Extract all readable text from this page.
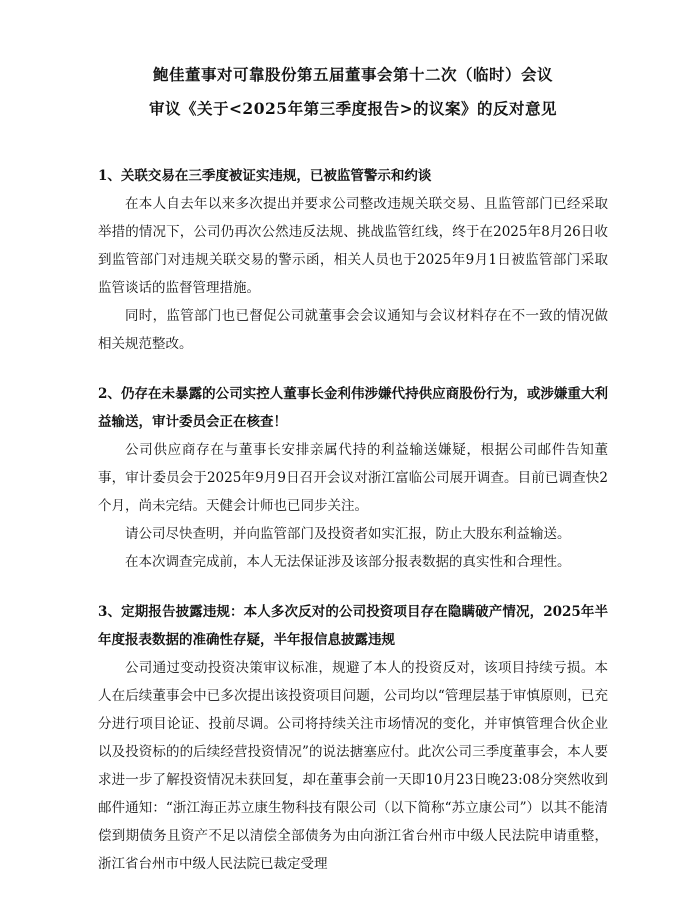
鲍佳董事对可靠股份第五届董事会第十二次（临时）会议

审议《关于<2025年第三季度报告>的议案》的反对意见

1、关联交易在三季度被证实违规，已被监管警示和约谈

在本人自去年以来多次提出并要求公司整改违规关联交易、且监管部门已经采取举措的情况下，公司仍再次公然违反法规、挑战监管红线，终于在2025年8月26日收到监管部门对违规关联交易的警示函，相关人员也于2025年9月1日被监管部门采取监管谈话的监督管理措施。

同时，监管部门也已督促公司就董事会会议通知与会议材料存在不一致的情况做相关规范整改。

2、仍存在未暴露的公司实控人董事长金利伟涉嫌代持供应商股份行为，或涉嫌重大利益输送，审计委员会正在核查！

公司供应商存在与董事长安排亲属代持的利益输送嫌疑，根据公司邮件告知董事，审计委员会于2025年9月9日召开会议对浙江富临公司展开调查。目前已调查快2个月，尚未完结。天健会计师也已同步关注。

请公司尽快查明，并向监管部门及投资者如实汇报，防止大股东利益输送。

在本次调查完成前，本人无法保证涉及该部分报表数据的真实性和合理性。

3、定期报告披露违规：本人多次反对的公司投资项目存在隐瞒破产情况，2025年半年度报表数据的准确性存疑，半年报信息披露违规

公司通过变动投资决策审议标准，规避了本人的投资反对，该项目持续亏损。本人在后续董事会中已多次提出该投资项目问题，公司均以“管理层基于审慎原则，已充分进行项目论证、投前尽调。公司将持续关注市场情况的变化，并审慎管理合伙企业以及投资标的的后续经营投资情况”的说法搪塞应付。此次公司三季度董事会，本人要求进一步了解投资情况未获回复，却在董事会前一天即10月23日晚23:08分突然收到邮件通知：“浙江海正苏立康生物科技有限公司（以下简称“苏立康公司”）以其不能清偿到期债务且资产不足以清偿全部债务为由向浙江省台州市中级人民法院申请重整，浙江省台州市中级人民法院已裁定受理
